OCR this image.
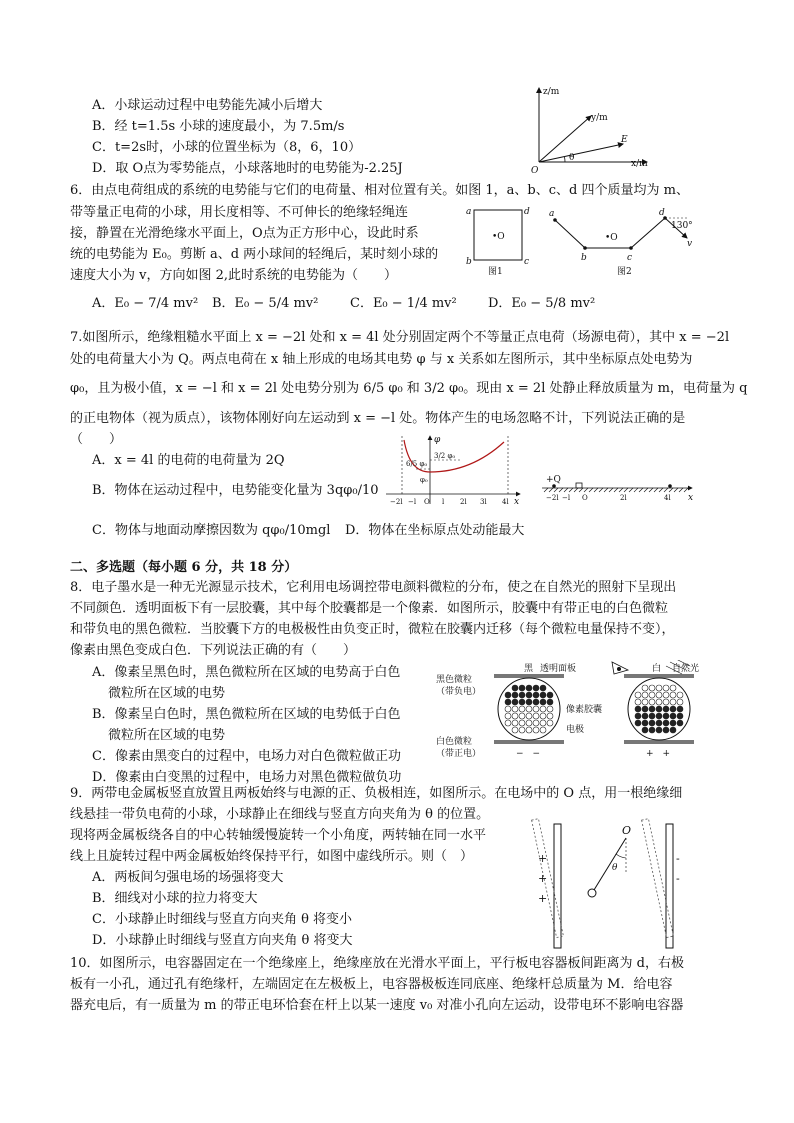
A．小球运动过程中电势能先减小后增大
B．经 t=1.5s 小球的速度最小，为 7.5m/s
C．t=2s时，小球的位置坐标为（8，6，10）
D．取 O点为零势能点，小球落地时的电势能为-2.25J
z/m
y/m
x/m
E
O
θ
6．由点电荷组成的系统的电势能与它们的电荷量、相对位置有关。如图 1，a、b、c、d 四个质量均为 m、
带等量正电荷的小球，用长度相等、不可伸长的绝缘轻绳连
接，静置在光滑绝缘水平面上，O点为正方形中心，设此时系
统的电势能为 E₀。剪断 a、d 两小球间的轻绳后，某时刻小球的
速度大小为 v，方向如图 2,此时系统的电势能为（　　）
a
b	c
d
•O
图1
a
b	c
d
•O
130°
v
图2
A．E₀ − 7/4 mv² B．E₀ − 5/4 mv² C．E₀ − 1/4 mv² D．E₀ − 5/8 mv²
7.如图所示，绝缘粗糙水平面上 x = −2l 处和 x = 4l 处分别固定两个不等量正点电荷（场源电荷），其中 x = −2l
处的电荷量大小为 Q。两点电荷在 x 轴上形成的电场其电势 φ 与 x 关系如左图所示，其中坐标原点处电势为
φ₀，且为极小值，x = −l 和 x = 2l 处电势分别为 6/5 φ₀ 和 3/2 φ₀。现由 x = 2l 处静止释放质量为 m，电荷量为 q
的正电物体（视为质点），该物体刚好向左运动到 x = −l 处。物体产生的电场忽略不计，下列说法正确的是
（　　）
A．x = 4l 的电荷的电荷量为 2Q
B．物体在运动过程中，电势能变化量为 3qφ₀/10
C．物体与地面动摩擦因数为 qφ₀/10mgl D．物体在坐标原点处动能最大
φ
3/2 φ₀
6/5 φ₀
φ₀
−2l −l O l 2l 3l 4l x
+Q
−2l −l O	2l	4l x
二、多选题（每小题 6 分，共 18 分）
8．电子墨水是一种无光源显示技术，它利用电场调控带电颜料微粒的分布，使之在自然光的照射下呈现出
不同颜色．透明面板下有一层胶囊，其中每个胶囊都是一个像素．如图所示，胶囊中有带正电的白色微粒
和带负电的黑色微粒．当胶囊下方的电极极性由负变正时，微粒在胶囊内迁移（每个微粒电量保持不变），
像素由黑色变成白色．下列说法正确的有（　　）
A．像素呈黑色时，黑色微粒所在区域的电势高于白色
微粒所在区域的电势
B．像素呈白色时，黑色微粒所在区域的电势低于白色
微粒所在区域的电势
C．像素由黑变白的过程中，电场力对白色微粒做正功
D．像素由白变黑的过程中，电场力对黑色微粒做负功
黑	白
透明面板	自然光
黑色微粒
（带负电）
像素胶囊
电极
白色微粒
（带正电）	−　−	+　+
9．两带电金属板竖直放置且两板始终与电源的正、负极相连，如图所示。在电场中的 O 点，用一根绝缘细
线悬挂一带负电荷的小球，小球静止在细线与竖直方向夹角为 θ 的位置。
现将两金属板绕各自的中心转轴缓慢旋转一个小角度，两转轴在同一水平
线上且旋转过程中两金属板始终保持平行，如图中虚线所示。则（　）
A．两板间匀强电场的场强将变大
B．细线对小球的拉力将变大
C．小球静止时细线与竖直方向夹角 θ 将变小
D．小球静止时细线与竖直方向夹角 θ 将变大
O
θ
+
+
+
-
-
10．如图所示，电容器固定在一个绝缘座上，绝缘座放在光滑水平面上，平行板电容器板间距离为 d，右极
板有一小孔，通过孔有绝缘杆，左端固定在左极板上，电容器极板连同底座、绝缘杆总质量为 M．给电容
器充电后，有一质量为 m 的带正电环恰套在杆上以某一速度 v₀ 对准小孔向左运动，设带电环不影响电容器
